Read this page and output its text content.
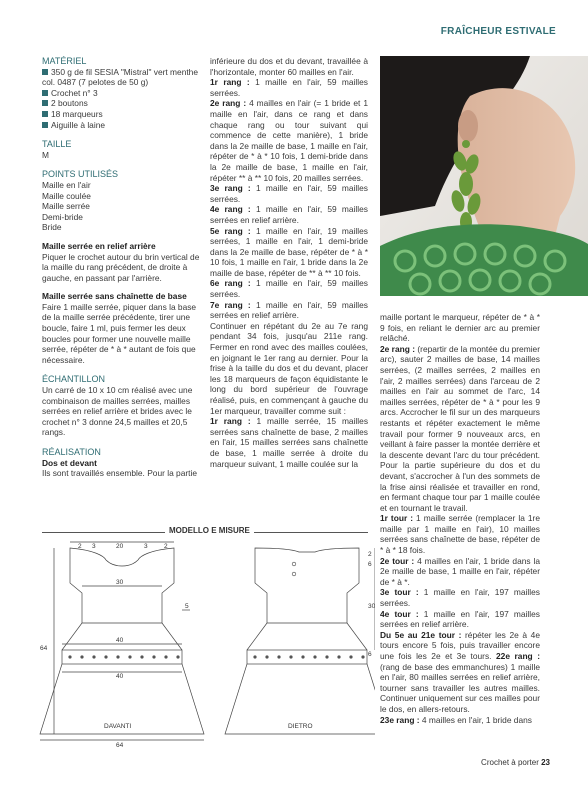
FRAÎCHEUR ESTIVALE
MATÉRIEL
350 g de fil SESIA "Mistral" vert menthe col. 0487 (7 pelotes de 50 g)
Crochet n° 3
2 boutons
18 marqueurs
Aiguille à laine
TAILLE

M

POINTS UTILISÉS

Maille en l'air

Maille coulée

Maille serrée

Demi-bride

Bride

Maille serrée en relief arrière

Piquer le crochet autour du brin vertical de la maille du rang précédent, de droite à gauche, en passant par l'arrière.

Maille serrée sans chaînette de base

Faire 1 maille serrée, piquer dans la base de la maille serrée précédente, tirer une boucle, faire 1 ml, puis fermer les deux boucles pour former une nouvelle maille serrée, répéter de * à * autant de fois que nécessaire.

ÉCHANTILLON

Un carré de 10 x 10 cm réalisé avec une combinaison de mailles serrées, mailles serrées en relief arrière et brides avec le crochet n° 3 donne 24,5 mailles et 20,5 rangs.

RÉALISATION

Dos et devant

Ils sont travaillés ensemble. Pour la partie

inférieure du dos et du devant, travaillée à l'horizontale, monter 60 mailles en l'air.

1r rang : 1 maille en l'air, 59 mailles serrées.

2e rang : 4 mailles en l'air (= 1 bride et 1 maille en l'air, dans ce rang et dans chaque rang ou tour suivant qui commence de cette manière), 1 bride dans la 2e maille de base, 1 maille en l'air, répéter de * à * 10 fois, 1 demi-bride dans la 2e maille de base, 1 maille en l'air, répéter ** à ** 10 fois, 20 mailles serrées.

3e rang : 1 maille en l'air, 59 mailles serrées.

4e rang : 1 maille en l'air, 59 mailles serrées en relief arrière.

5e rang : 1 maille en l'air, 19 mailles serrées, 1 maille en l'air, 1 demi-bride dans la 2e maille de base, répéter de * à * 10 fois, 1 maille en l'air, 1 bride dans la 2e maille de base, répéter de ** à ** 10 fois.

6e rang : 1 maille en l'air, 59 mailles serrées.

7e rang : 1 maille en l'air, 59 mailles serrées en relief arrière.

Continuer en répétant du 2e au 7e rang pendant 34 fois, jusqu'au 211e rang. Fermer en rond avec des mailles coulées, en joignant le 1er rang au dernier. Pour la frise à la taille du dos et du devant, placer les 18 marqueurs de façon équidistante le long du bord supérieur de l'ouvrage réalisé, puis, en commençant à gauche du 1er marqueur, travailler comme suit :

1r rang : 1 maille serrée, 15 mailles serrées sans chaînette de base, 2 mailles en l'air, 15 mailles serrées sans chaînette de base, 1 maille serrée à droite du marqueur suivant, 1 maille coulée sur la

maille portant le marqueur, répéter de * à * 9 fois, en reliant le dernier arc au premier relâché.

2e rang : (repartir de la montée du premier arc), sauter 2 mailles de base, 14 mailles serrées, (2 mailles serrées, 2 mailles en l'air, 2 mailles serrées) dans l'arceau de 2 mailles en l'air au sommet de l'arc, 14 mailles serrées, répéter de * à * pour les 9 arcs. Accrocher le fil sur un des marqueurs restants et répéter exactement le même travail pour former 9 nouveaux arcs, en veillant à faire passer la montée derrière et la descente devant l'arc du tour précédent. Pour la partie supérieure du dos et du devant, s'accrocher à l'un des sommets de la frise ainsi réalisée et travailler en rond, en fermant chaque tour par 1 maille coulée et en tournant le travail.

1r tour : 1 maille serrée (remplacer la 1re maille par 1 maille en l'air), 10 mailles serrées sans chaînette de base, répéter de * à * 18 fois.

2e tour : 4 mailles en l'air, 1 bride dans la 2e maille de base, 1 maille en l'air, répéter de * à *.

3e tour : 1 maille en l'air, 197 mailles serrées.

4e tour : 1 maille en l'air, 197 mailles serrées en relief arrière.

Du 5e au 21e tour : répéter les 2e à 4e tours encore 5 fois, puis travailler encore une fois les 2e et 3e tours. 22e rang : (rang de base des emmanchures) 1 maille en l'air, 80 mailles serrées en relief arrière, tourner sans travailler les autres mailles. Continuer uniquement sur ces mailles pour le dos, en allers-retours.

23e rang : 4 mailles en l'air, 1 bride dans

MODELLO E MISURE
2 3	20	3	2
30
40
40
64
64
5
DAVANTI	DIETRO
2
6
30
6
Crochet à porter 23
